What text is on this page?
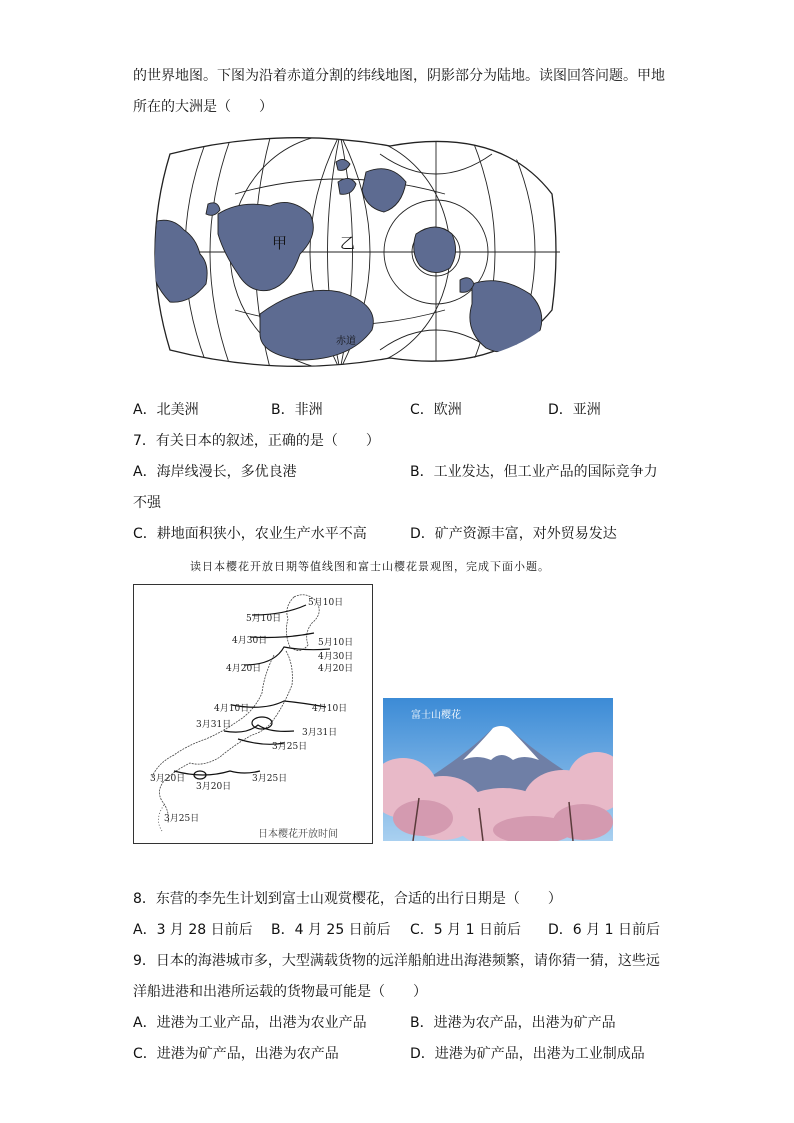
的世界地图。下图为沿着赤道分割的纬线地图，阴影部分为陆地。读图回答问题。甲地
所在的大洲是（　　）
甲	乙
赤道
A．北美洲	B．非洲	C．欧洲	D．亚洲
7．有关日本的叙述，正确的是（　　）
A．海岸线漫长，多优良港	B．工业发达，但工业产品的国际竞争力
不强
C．耕地面积狭小，农业生产水平不高	D．矿产资源丰富，对外贸易发达
读日本樱花开放日期等值线图和富士山樱花景观图，完成下面小题。
5月10日
5月10日
4月30日	5月10日
4月30日
4月20日	4月20日
4月10日	4月10日
3月31日
3月31日
3月25日
3月20日	3月25日
3月20日
3月25日
日本樱花开放时间
富士山樱花
8．东营的李先生计划到富士山观赏樱花，合适的出行日期是（　　）
A．3 月 28 日前后 B．4 月 25 日前后 C．5 月 1 日前后 D．6 月 1 日前后
9．日本的海港城市多，大型满载货物的远洋船舶进出海港频繁，请你猜一猜，这些远
洋船进港和出港所运载的货物最可能是（　　）
A．进港为工业产品，出港为农业产品	B．进港为农产品，出港为矿产品
C．进港为矿产品，出港为农产品	D．进港为矿产品，出港为工业制成品
